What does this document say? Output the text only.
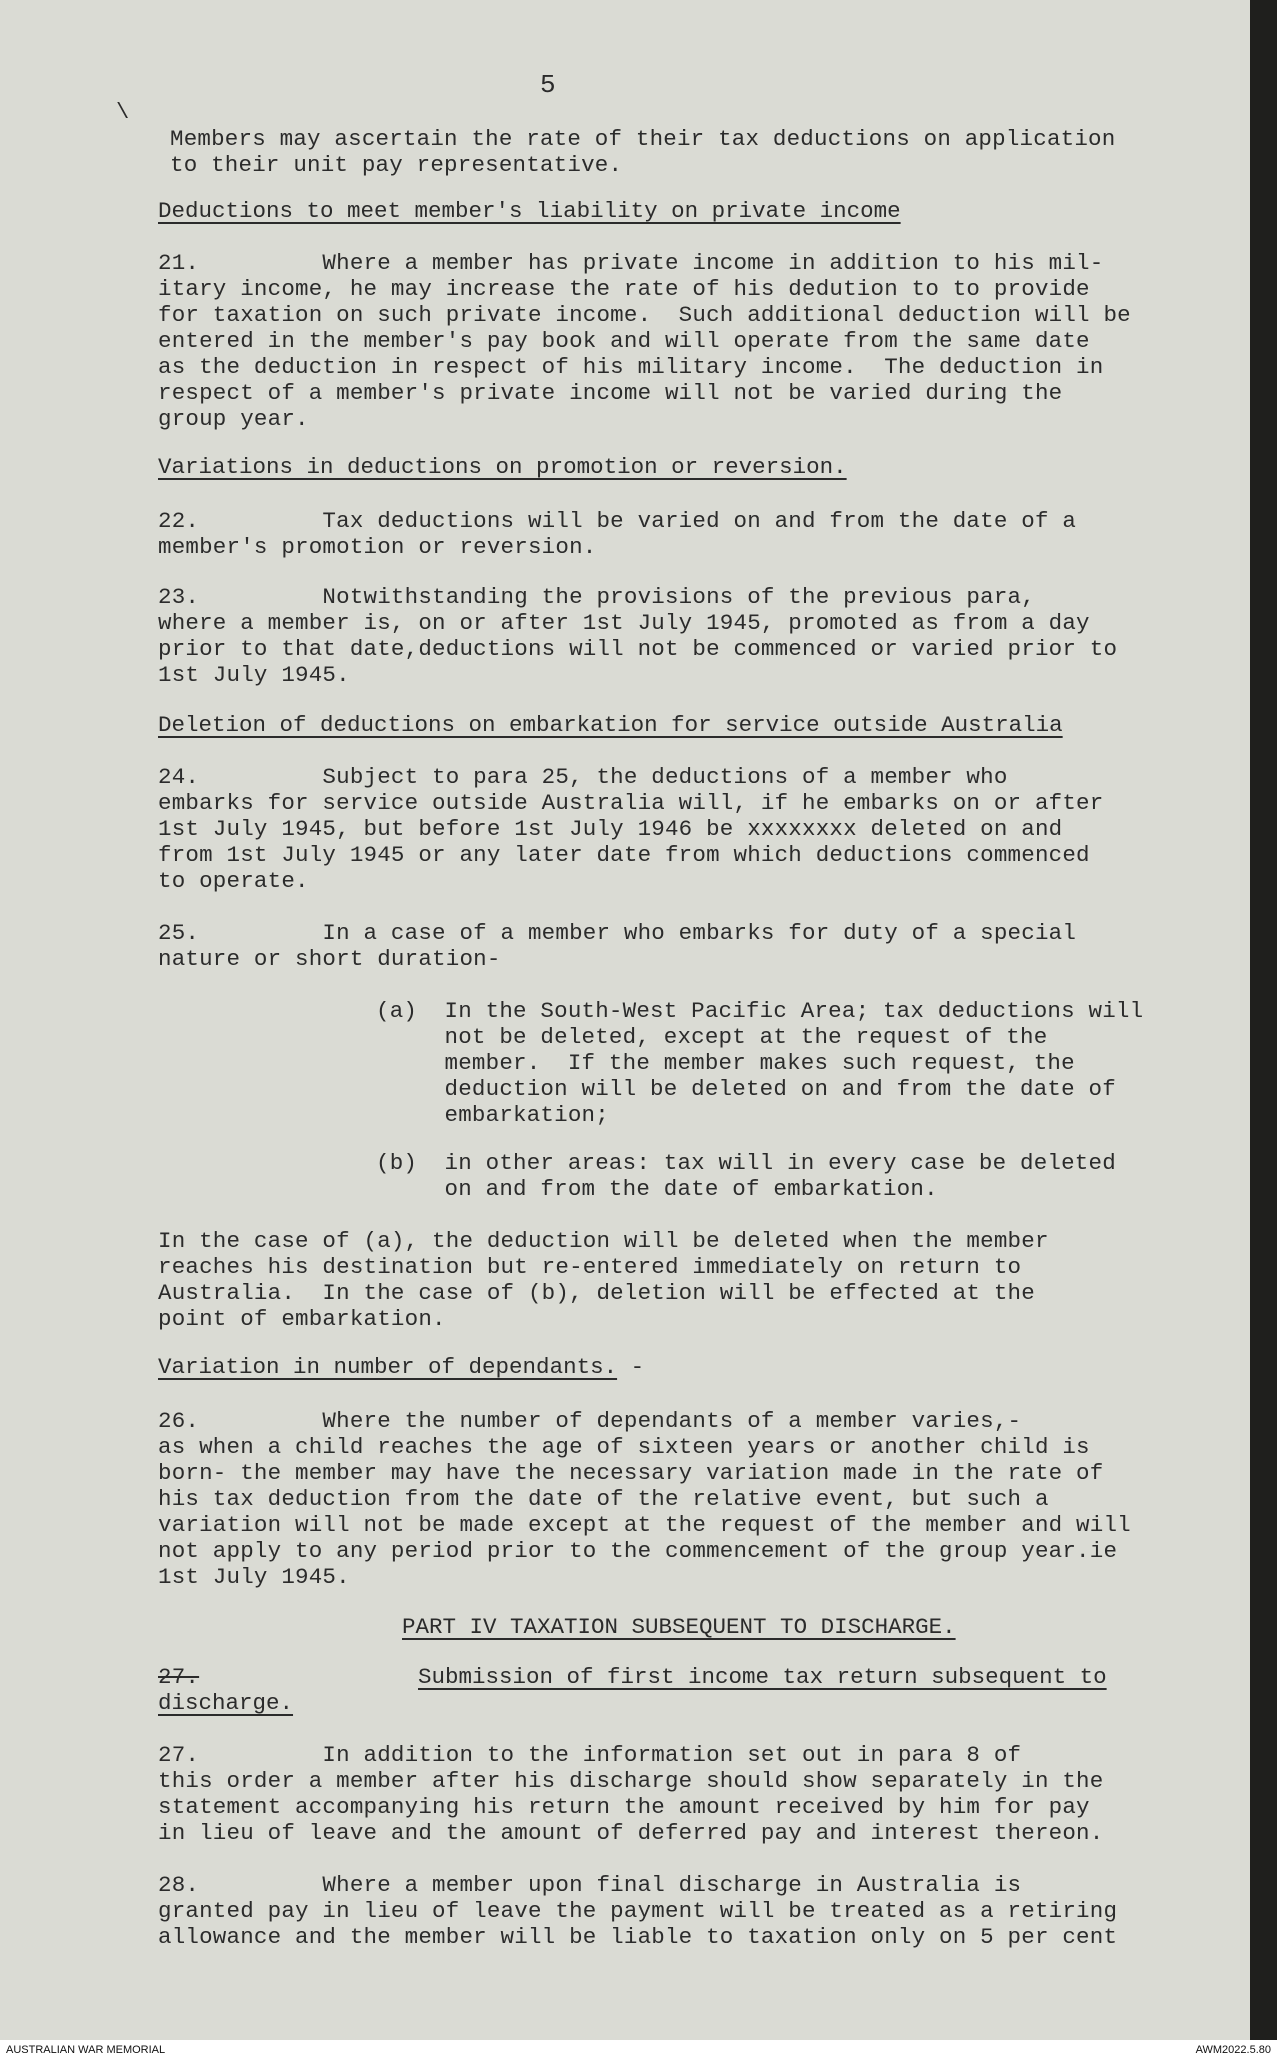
5
\
Members may ascertain the rate of their tax deductions on application
to their unit pay representative.
Deductions to meet member's liability on private income
21.         Where a member has private income in addition to his mil-
itary income, he may increase the rate of his dedution to to provide
for taxation on such private income.  Such additional deduction will be
entered in the member's pay book and will operate from the same date
as the deduction in respect of his military income.  The deduction in
respect of a member's private income will not be varied during the
group year.
Variations in deductions on promotion or reversion.
22.         Tax deductions will be varied on and from the date of a
member's promotion or reversion.
23.         Notwithstanding the provisions of the previous para,
where a member is, on or after 1st July 1945, promoted as from a day
prior to that date,deductions will not be commenced or varied prior to
1st July 1945.
Deletion of deductions on embarkation for service outside Australia
24.         Subject to para 25, the deductions of a member who
embarks for service outside Australia will, if he embarks on or after
1st July 1945, but before 1st July 1946 be xxxxxxxx deleted on and
from 1st July 1945 or any later date from which deductions commenced
to operate.
25.         In a case of a member who embarks for duty of a special
nature or short duration-
(a)  In the South-West Pacific Area; tax deductions will
not be deleted, except at the request of the
member.  If the member makes such request, the
deduction will be deleted on and from the date of
embarkation;
(b)  in other areas: tax will in every case be deleted
on and from the date of embarkation.
In the case of (a), the deduction will be deleted when the member
reaches his destination but re-entered immediately on return to
Australia.  In the case of (b), deletion will be effected at the
point of embarkation.
Variation in number of dependants. -
26.         Where the number of dependants of a member varies,-
as when a child reaches the age of sixteen years or another child is
born- the member may have the necessary variation made in the rate of
his tax deduction from the date of the relative event, but such a
variation will not be made except at the request of the member and will
not apply to any period prior to the commencement of the group year.ie
1st July 1945.
PART IV TAXATION SUBSEQUENT TO DISCHARGE.
27.	Submission of first income tax return subsequent to
discharge.
27.         In addition to the information set out in para 8 of
this order a member after his discharge should show separately in the
statement accompanying his return the amount received by him for pay
in lieu of leave and the amount of deferred pay and interest thereon.
28.         Where a member upon final discharge in Australia is
granted pay in lieu of leave the payment will be treated as a retiring
allowance and the member will be liable to taxation only on 5 per cent
AUSTRALIAN WAR MEMORIAL	AWM2022.5.80
